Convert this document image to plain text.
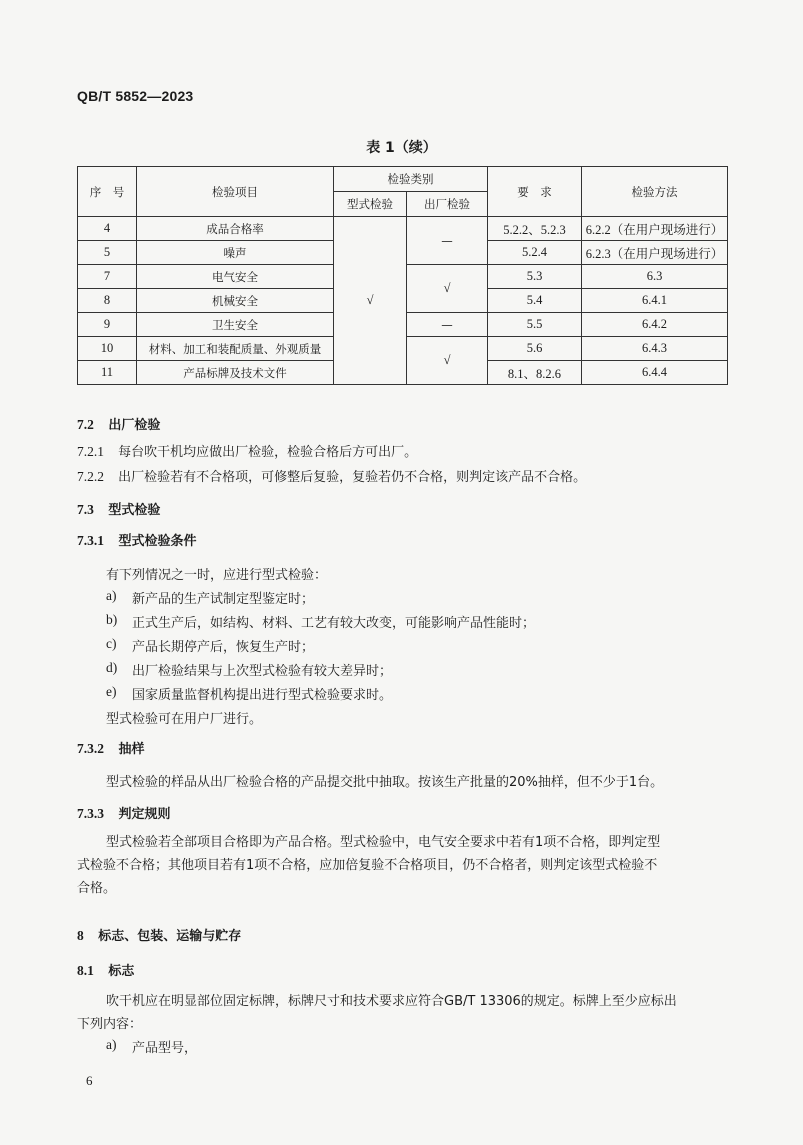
QB/T 5852—2023
表 1（续）
序　号	检验项目	检验类别		要　求	检验方法
		型式检验	出厂检验		
4	成品合格率	√	—	5.2.2、5.2.3	6.2.2（在用户现场进行）
5	噪声			5.2.4	6.2.3（在用户现场进行）
7	电气安全		√	5.3	6.3
8	机械安全			5.4	6.4.1
9	卫生安全		—	5.5	6.4.2
10	材料、加工和装配质量、外观质量		√	5.6	6.4.3
11	产品标牌及技术文件			8.1、8.2.6	6.4.4
7.2 出厂检验
7.2.1 每台吹干机均应做出厂检验，检验合格后方可出厂。
7.2.2 出厂检验若有不合格项，可修整后复验，复验若仍不合格，则判定该产品不合格。
7.3 型式检验
7.3.1 型式检验条件
有下列情况之一时，应进行型式检验：
a) 新产品的生产试制定型鉴定时；
b) 正式生产后，如结构、材料、工艺有较大改变，可能影响产品性能时；
c) 产品长期停产后，恢复生产时；
d) 出厂检验结果与上次型式检验有较大差异时；
e) 国家质量监督机构提出进行型式检验要求时。
型式检验可在用户厂进行。
7.3.2 抽样
型式检验的样品从出厂检验合格的产品提交批中抽取。按该生产批量的20%抽样，但不少于1台。
7.3.3 判定规则
型式检验若全部项目合格即为产品合格。型式检验中，电气安全要求中若有1项不合格，即判定型
式检验不合格；其他项目若有1项不合格，应加倍复验不合格项目，仍不合格者，则判定该型式检验不
合格。
8 标志、包装、运输与贮存
8.1 标志
吹干机应在明显部位固定标牌，标牌尺寸和技术要求应符合GB/T 13306的规定。标牌上至少应标出
下列内容：
a) 产品型号，
6
